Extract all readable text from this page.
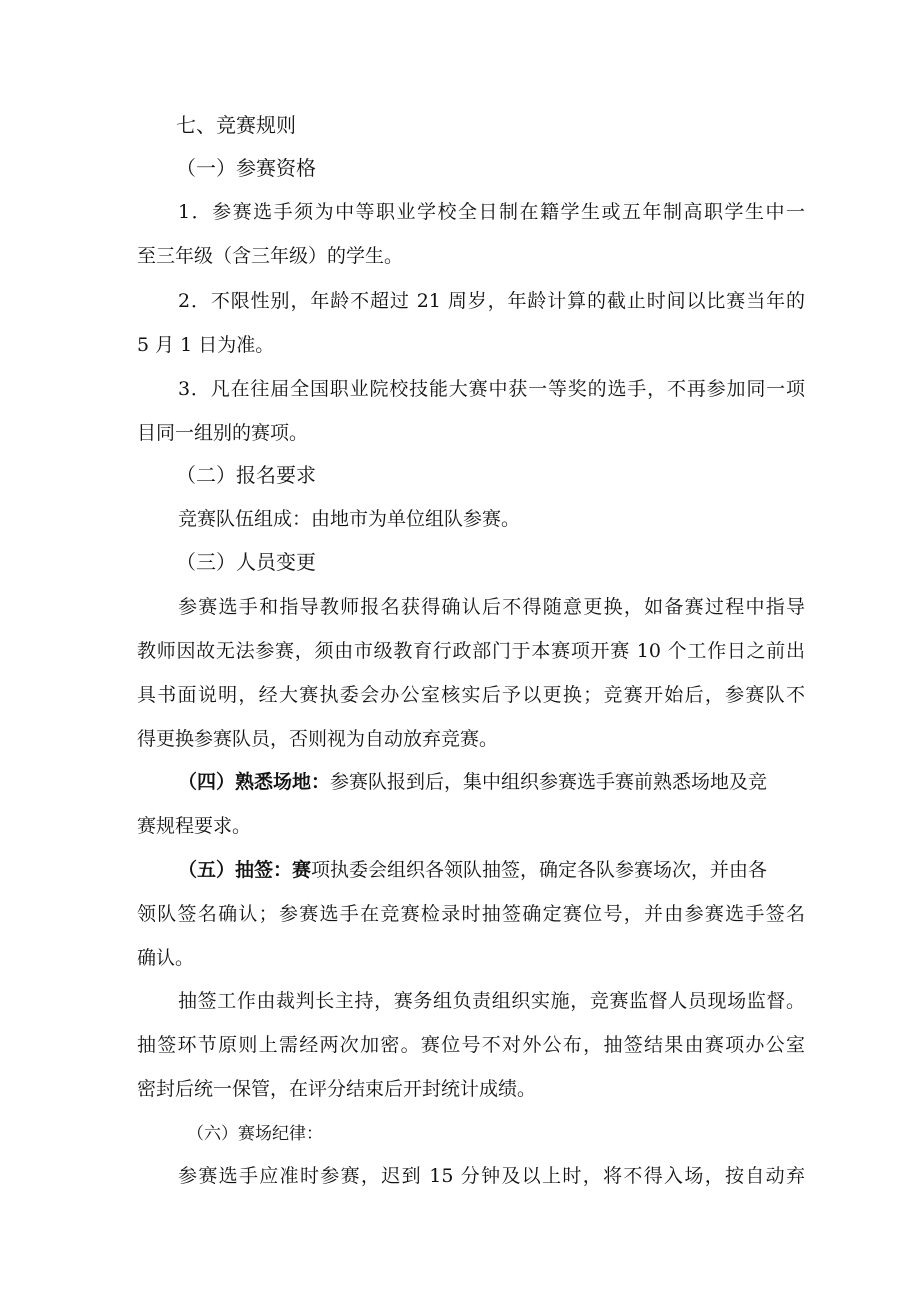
七、竞赛规则
（一）参赛资格
1．参赛选手须为中等职业学校全日制在籍学生或五年制高职学生中一
至三年级（含三年级）的学生。
2．不限性别，年龄不超过 21 周岁，年龄计算的截止时间以比赛当年的
5 月 1 日为准。
3．凡在往届全国职业院校技能大赛中获一等奖的选手，不再参加同一项
目同一组别的赛项。
（二）报名要求
竞赛队伍组成：由地市为单位组队参赛。
（三）人员变更
参赛选手和指导教师报名获得确认后不得随意更换，如备赛过程中指导
教师因故无法参赛，须由市级教育行政部门于本赛项开赛 10 个工作日之前出
具书面说明，经大赛执委会办公室核实后予以更换；竞赛开始后，参赛队不
得更换参赛队员，否则视为自动放弃竞赛。
（四）熟悉场地：参赛队报到后，集中组织参赛选手赛前熟悉场地及竞
赛规程要求。
（五）抽签：赛项执委会组织各领队抽签，确定各队参赛场次，并由各
领队签名确认；参赛选手在竞赛检录时抽签确定赛位号，并由参赛选手签名
确认。
抽签工作由裁判长主持，赛务组负责组织实施，竞赛监督人员现场监督。
抽签环节原则上需经两次加密。赛位号不对外公布，抽签结果由赛项办公室
密封后统一保管，在评分结束后开封统计成绩。
（六）赛场纪律：
参赛选手应准时参赛，迟到 15 分钟及以上时，将不得入场，按自动弃
